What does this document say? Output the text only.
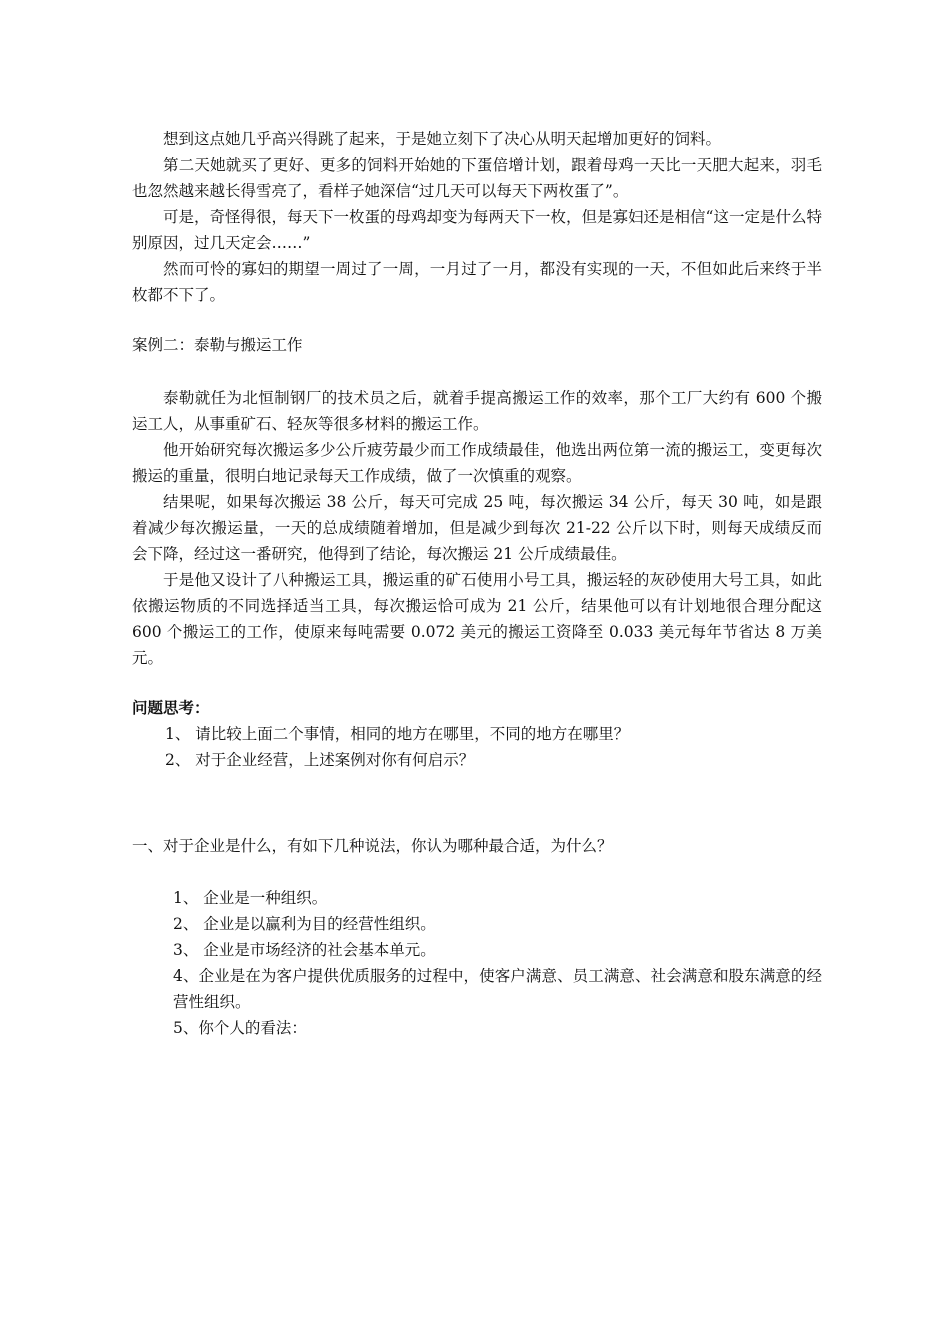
想到这点她几乎高兴得跳了起来，于是她立刻下了决心从明天起增加更好的饲料。

第二天她就买了更好、更多的饲料开始她的下蛋倍增计划，跟着母鸡一天比一天肥大起来，羽毛也忽然越来越长得雪亮了，看样子她深信“过几天可以每天下两枚蛋了”。

可是，奇怪得很，每天下一枚蛋的母鸡却变为每两天下一枚，但是寡妇还是相信“这一定是什么特别原因，过几天定会……”

然而可怜的寡妇的期望一周过了一周，一月过了一月，都没有实现的一天，不但如此后来终于半枚都不下了。

案例二：泰勒与搬运工作

泰勒就任为北恒制钢厂的技术员之后，就着手提高搬运工作的效率，那个工厂大约有 600 个搬运工人，从事重矿石、轻灰等很多材料的搬运工作。

他开始研究每次搬运多少公斤疲劳最少而工作成绩最佳，他选出两位第一流的搬运工，变更每次搬运的重量，很明白地记录每天工作成绩，做了一次慎重的观察。

结果呢，如果每次搬运 38 公斤，每天可完成 25 吨，每次搬运 34 公斤，每天 30 吨，如是跟着减少每次搬运量，一天的总成绩随着增加，但是减少到每次 21-22 公斤以下时，则每天成绩反而会下降，经过这一番研究，他得到了结论，每次搬运 21 公斤成绩最佳。

于是他又设计了八种搬运工具，搬运重的矿石使用小号工具，搬运轻的灰砂使用大号工具，如此依搬运物质的不同选择适当工具，每次搬运恰可成为 21 公斤，结果他可以有计划地很合理分配这 600 个搬运工的工作，使原来每吨需要 0.072 美元的搬运工资降至 0.033 美元每年节省达 8 万美元。

问题思考：

1、 请比较上面二个事情，相同的地方在哪里，不同的地方在哪里？

2、 对于企业经营，上述案例对你有何启示？

一、对于企业是什么，有如下几种说法，你认为哪种最合适，为什么？

1、 企业是一种组织。

2、 企业是以赢利为目的经营性组织。

3、 企业是市场经济的社会基本单元。

4、企业是在为客户提供优质服务的过程中，使客户满意、员工满意、社会满意和股东满意的经营性组织。

5、你个人的看法：
